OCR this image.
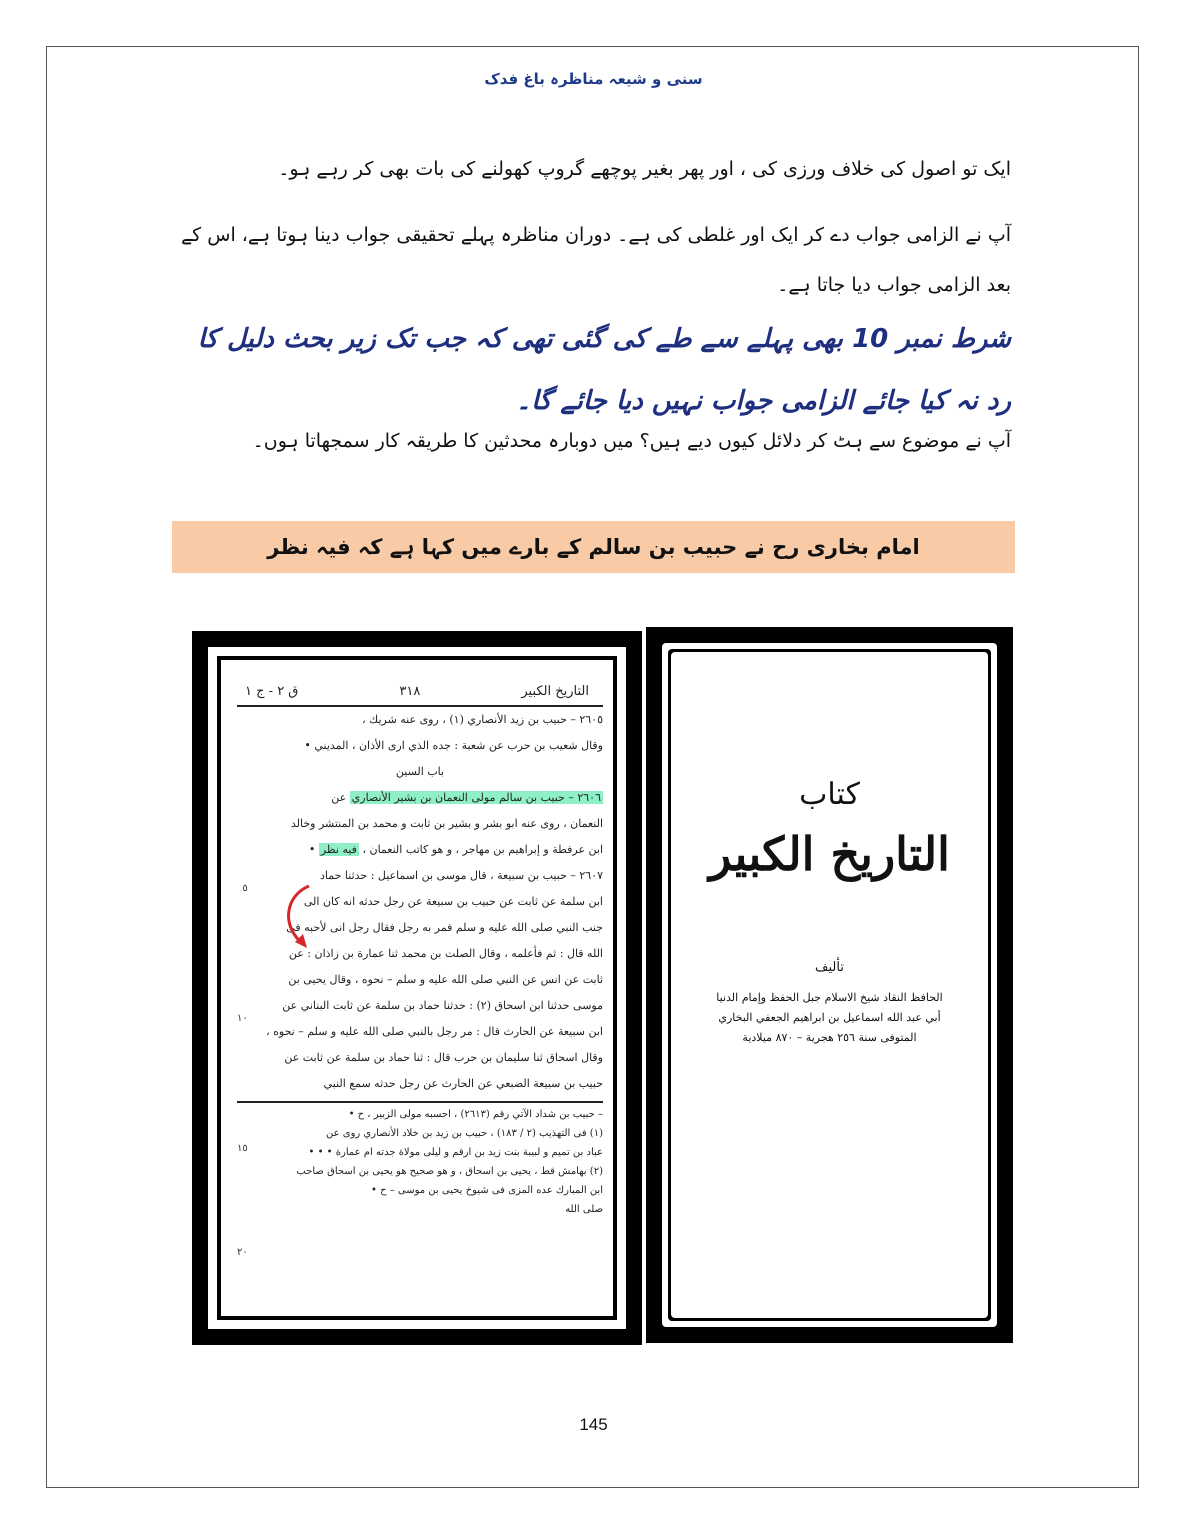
سنی و شیعہ مناظرہ باغ فدک
ایک تو اصول کی خلاف ورزی کی ، اور پھر بغیر پوچھے گروپ کھولنے کی بات بھی کر رہے ہو۔
آپ نے الزامی جواب دے کر ایک اور غلطی کی ہے۔ دوران مناظرہ پہلے تحقیقی جواب دینا ہوتا ہے، اس کے بعد الزامی جواب دیا جاتا ہے۔
شرط نمبر 10 بھی پہلے سے طے کی گئی تھی کہ جب تک زیر بحث دلیل کا رد نہ کیا جائے الزامی جواب نہیں دیا جائے گا۔
آپ نے موضوع سے ہٹ کر دلائل کیوں دیے ہیں؟ میں دوبارہ محدثین کا طریقہ کار سمجھاتا ہوں۔
امام بخاری رح نے حبیب بن سالم کے بارے میں کہا ہے کہ فیہ نظر
التاريخ الكبير
٣١٨
ق ٢ - ج ١
٢٦٠٥ – حبيب بن زيد الأنصاري (١) ، روى عنه شريك ،
وقال شعيب بن حرب عن شعبة : جده الذي ارى الأذان ، المديني •
باب السين
٢٦٠٦ – حبيب بن سالم مولى النعمان بن بشير الأنصاري عن
النعمان ، روى عنه ابو بشر و بشير بن ثابت و محمد بن المنتشر وخالد
ابن عرفطة و إبراهيم بن مهاجر ، و هو كاتب النعمان ، فيه نظر •
٢٦٠٧ – حبيب بن سبيعة ، قال موسى بن اسماعيل : حدثنا حماد
ابن سلمة عن ثابت عن حبيب بن سبيعة عن رجل حدثه انه كان الى
جنب النبي صلى الله عليه و سلم فمر به رجل فقال رجل انى لأحبه فى
الله قال : ثم فأعلمه ، وقال الصلت بن محمد ثنا عمارة بن زاذان : عن
ثابت عن انس عن النبي صلى الله عليه و سلم – نحوه ، وقال يحيى بن
موسى حدثنا ابن اسحاق (٢) : حدثنا حماد بن سلمة عن ثابت البناني عن
ابن سبيعة عن الحارث قال : مر رجل بالنبي صلى الله عليه و سلم – نحوه ،
وقال اسحاق ثنا سليمان بن حرب قال : ثنا حماد بن سلمة عن ثابت عن
حبيب بن سبيعة الضبعي عن الحارث عن رجل حدثه سمع النبي
– حبيب بن شداد الآتي رقم (٢٦١٣) ، احسبه مولى الزبير ، ح •
(١) فى التهذيب (٢ / ١٨٣) ، حبيب بن زيد بن خلاد الأنصاري روى عن
عباد بن تميم و لبيبة بنت زيد بن ارقم و ليلى مولاة جدته ام عمارة • • •
(٢) بهامش قط ، يحيى بن اسحاق ، و هو صحيح هو يحيى بن اسحاق صاحب
ابن المبارك عده المزى فى شيوخ يحيى بن موسى – ح •
صلى الله
٥
١٠
١٥
٢٠
كتاب
التاريخ الكبير
تأليف
الحافظ النقاد شيخ الاسلام جبل الحفظ وإمام الدنيا
أبي عبد الله اسماعيل بن ابراهيم الجعفي البخاري
المتوفى سنة ٢٥٦ هجرية – ٨٧٠ ميلادية
145
